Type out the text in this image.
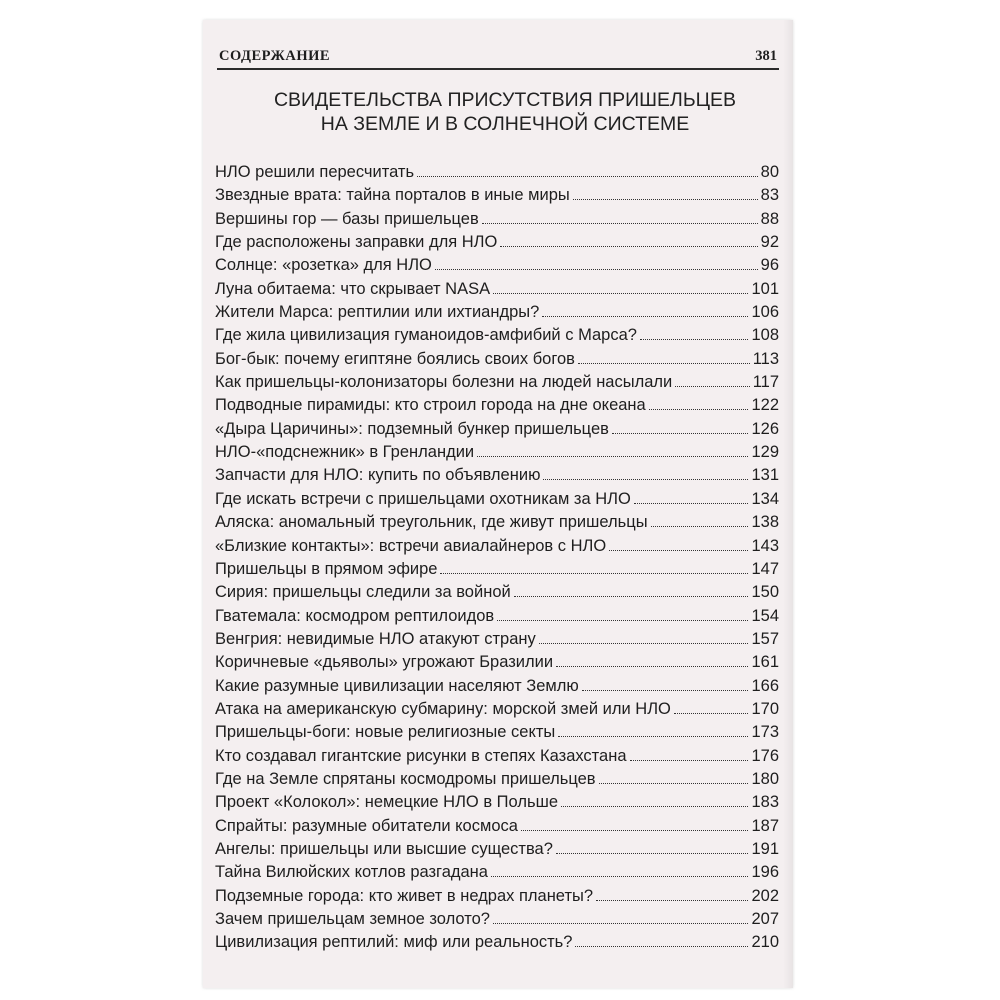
СОДЕРЖАНИЕ	381
СВИДЕТЕЛЬСТВА ПРИСУТСТВИЯ ПРИШЕЛЬЦЕВ
НА ЗЕМЛЕ И В СОЛНЕЧНОЙ СИСТЕМЕ
НЛО решили пересчитать	80
Звездные врата: тайна порталов в иные миры	83
Вершины гор — базы пришельцев	88
Где расположены заправки для НЛО	92
Солнце: «розетка» для НЛО	96
Луна обитаема: что скрывает NASA	101
Жители Марса: рептилии или ихтиандры?	106
Где жила цивилизация гуманоидов-амфибий с Марса?	108
Бог-бык: почему египтяне боялись своих богов	113
Как пришельцы-колонизаторы болезни на людей насылали	117
Подводные пирамиды: кто строил города на дне океана	122
«Дыра Царичины»: подземный бункер пришельцев	126
НЛО-«подснежник» в Гренландии	129
Запчасти для НЛО: купить по объявлению	131
Где искать встречи с пришельцами охотникам за НЛО	134
Аляска: аномальный треугольник, где живут пришельцы	138
«Близкие контакты»: встречи авиалайнеров с НЛО	143
Пришельцы в прямом эфире	147
Сирия: пришельцы следили за войной	150
Гватемала: космодром рептилоидов	154
Венгрия: невидимые НЛО атакуют страну	157
Коричневые «дьяволы» угрожают Бразилии	161
Какие разумные цивилизации населяют Землю	166
Атака на американскую субмарину: морской змей или НЛО	170
Пришельцы-боги: новые религиозные секты	173
Кто создавал гигантские рисунки в степях Казахстана	176
Где на Земле спрятаны космодромы пришельцев	180
Проект «Колокол»: немецкие НЛО в Польше	183
Спрайты: разумные обитатели космоса	187
Ангелы: пришельцы или высшие существа?	191
Тайна Вилюйских котлов разгадана	196
Подземные города: кто живет в недрах планеты?	202
Зачем пришельцам земное золото?	207
Цивилизация рептилий: миф или реальность?	210
